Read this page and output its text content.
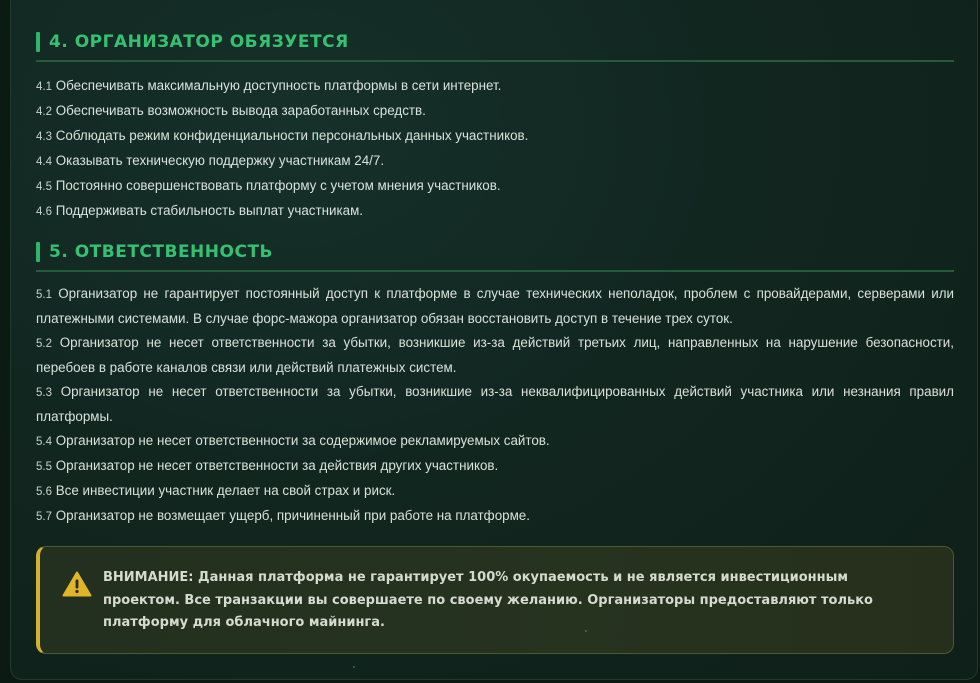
4. ОРГАНИЗАТОР ОБЯЗУЕТСЯ
4.1 Обеспечивать максимальную доступность платформы в сети интернет.
4.2 Обеспечивать возможность вывода заработанных средств.
4.3 Соблюдать режим конфиденциальности персональных данных участников.
4.4 Оказывать техническую поддержку участникам 24/7.
4.5 Постоянно совершенствовать платформу с учетом мнения участников.
4.6 Поддерживать стабильность выплат участникам.
5. ОТВЕТСТВЕННОСТЬ
5.1 Организатор не гарантирует постоянный доступ к платформе в случае технических неполадок, проблем с провайдерами, серверами или платежными системами. В случае форс-мажора организатор обязан восстановить доступ в течение трех суток.
5.2 Организатор не несет ответственности за убытки, возникшие из-за действий третьих лиц, направленных на нарушение безопасности, перебоев в работе каналов связи или действий платежных систем.
5.3 Организатор не несет ответственности за убытки, возникшие из-за неквалифицированных действий участника или незнания правил платформы.
5.4 Организатор не несет ответственности за содержимое рекламируемых сайтов.
5.5 Организатор не несет ответственности за действия других участников.
5.6 Все инвестиции участник делает на свой страх и риск.
5.7 Организатор не возмещает ущерб, причиненный при работе на платформе.
ВНИМАНИЕ: Данная платформа не гарантирует 100% окупаемость и не является инвестиционным проектом. Все транзакции вы совершаете по своему желанию. Организаторы предоставляют только платформу для облачного майнинга.
